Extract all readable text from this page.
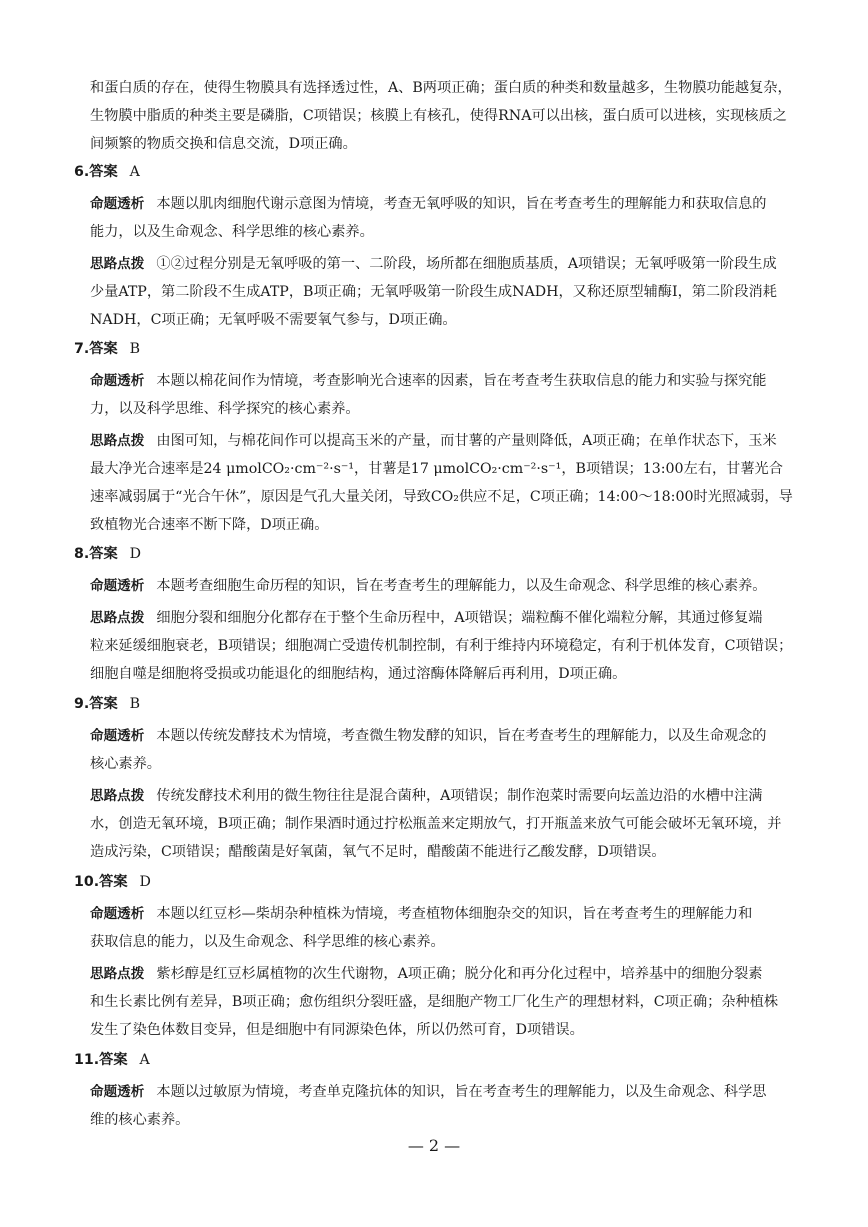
和蛋白质的存在，使得生物膜具有选择透过性，A、B两项正确；蛋白质的种类和数量越多，生物膜功能越复杂，
生物膜中脂质的种类主要是磷脂，C项错误；核膜上有核孔，使得RNA可以出核，蛋白质可以进核，实现核质之
间频繁的物质交换和信息交流，D项正确。
6.答案 A
命题透析 本题以肌肉细胞代谢示意图为情境，考查无氧呼吸的知识，旨在考查考生的理解能力和获取信息的
能力，以及生命观念、科学思维的核心素养。
思路点拨 ①②过程分别是无氧呼吸的第一、二阶段，场所都在细胞质基质，A项错误；无氧呼吸第一阶段生成
少量ATP，第二阶段不生成ATP，B项正确；无氧呼吸第一阶段生成NADH，又称还原型辅酶Ⅰ，第二阶段消耗
NADH，C项正确；无氧呼吸不需要氧气参与，D项正确。
7.答案 B
命题透析 本题以棉花间作为情境，考查影响光合速率的因素，旨在考查考生获取信息的能力和实验与探究能
力，以及科学思维、科学探究的核心素养。
思路点拨 由图可知，与棉花间作可以提高玉米的产量，而甘薯的产量则降低，A项正确；在单作状态下，玉米
最大净光合速率是24 μmolCO₂·cm⁻²·s⁻¹，甘薯是17 μmolCO₂·cm⁻²·s⁻¹，B项错误；13:00左右，甘薯光合
速率减弱属于“光合午休”，原因是气孔大量关闭，导致CO₂供应不足，C项正确；14:00～18:00时光照减弱，导
致植物光合速率不断下降，D项正确。
8.答案 D
命题透析 本题考查细胞生命历程的知识，旨在考查考生的理解能力，以及生命观念、科学思维的核心素养。
思路点拨 细胞分裂和细胞分化都存在于整个生命历程中，A项错误；端粒酶不催化端粒分解，其通过修复端
粒来延缓细胞衰老，B项错误；细胞凋亡受遗传机制控制，有利于维持内环境稳定，有利于机体发育，C项错误；
细胞自噬是细胞将受损或功能退化的细胞结构，通过溶酶体降解后再利用，D项正确。
9.答案 B
命题透析 本题以传统发酵技术为情境，考查微生物发酵的知识，旨在考查考生的理解能力，以及生命观念的
核心素养。
思路点拨 传统发酵技术利用的微生物往往是混合菌种，A项错误；制作泡菜时需要向坛盖边沿的水槽中注满
水，创造无氧环境，B项正确；制作果酒时通过拧松瓶盖来定期放气，打开瓶盖来放气可能会破坏无氧环境，并
造成污染，C项错误；醋酸菌是好氧菌，氧气不足时，醋酸菌不能进行乙酸发酵，D项错误。
10.答案 D
命题透析 本题以红豆杉—柴胡杂种植株为情境，考查植物体细胞杂交的知识，旨在考查考生的理解能力和
获取信息的能力，以及生命观念、科学思维的核心素养。
思路点拨 紫杉醇是红豆杉属植物的次生代谢物，A项正确；脱分化和再分化过程中，培养基中的细胞分裂素
和生长素比例有差异，B项正确；愈伤组织分裂旺盛，是细胞产物工厂化生产的理想材料，C项正确；杂种植株
发生了染色体数目变异，但是细胞中有同源染色体，所以仍然可育，D项错误。
11.答案 A
命题透析 本题以过敏原为情境，考查单克隆抗体的知识，旨在考查考生的理解能力，以及生命观念、科学思
维的核心素养。
— 2 —
